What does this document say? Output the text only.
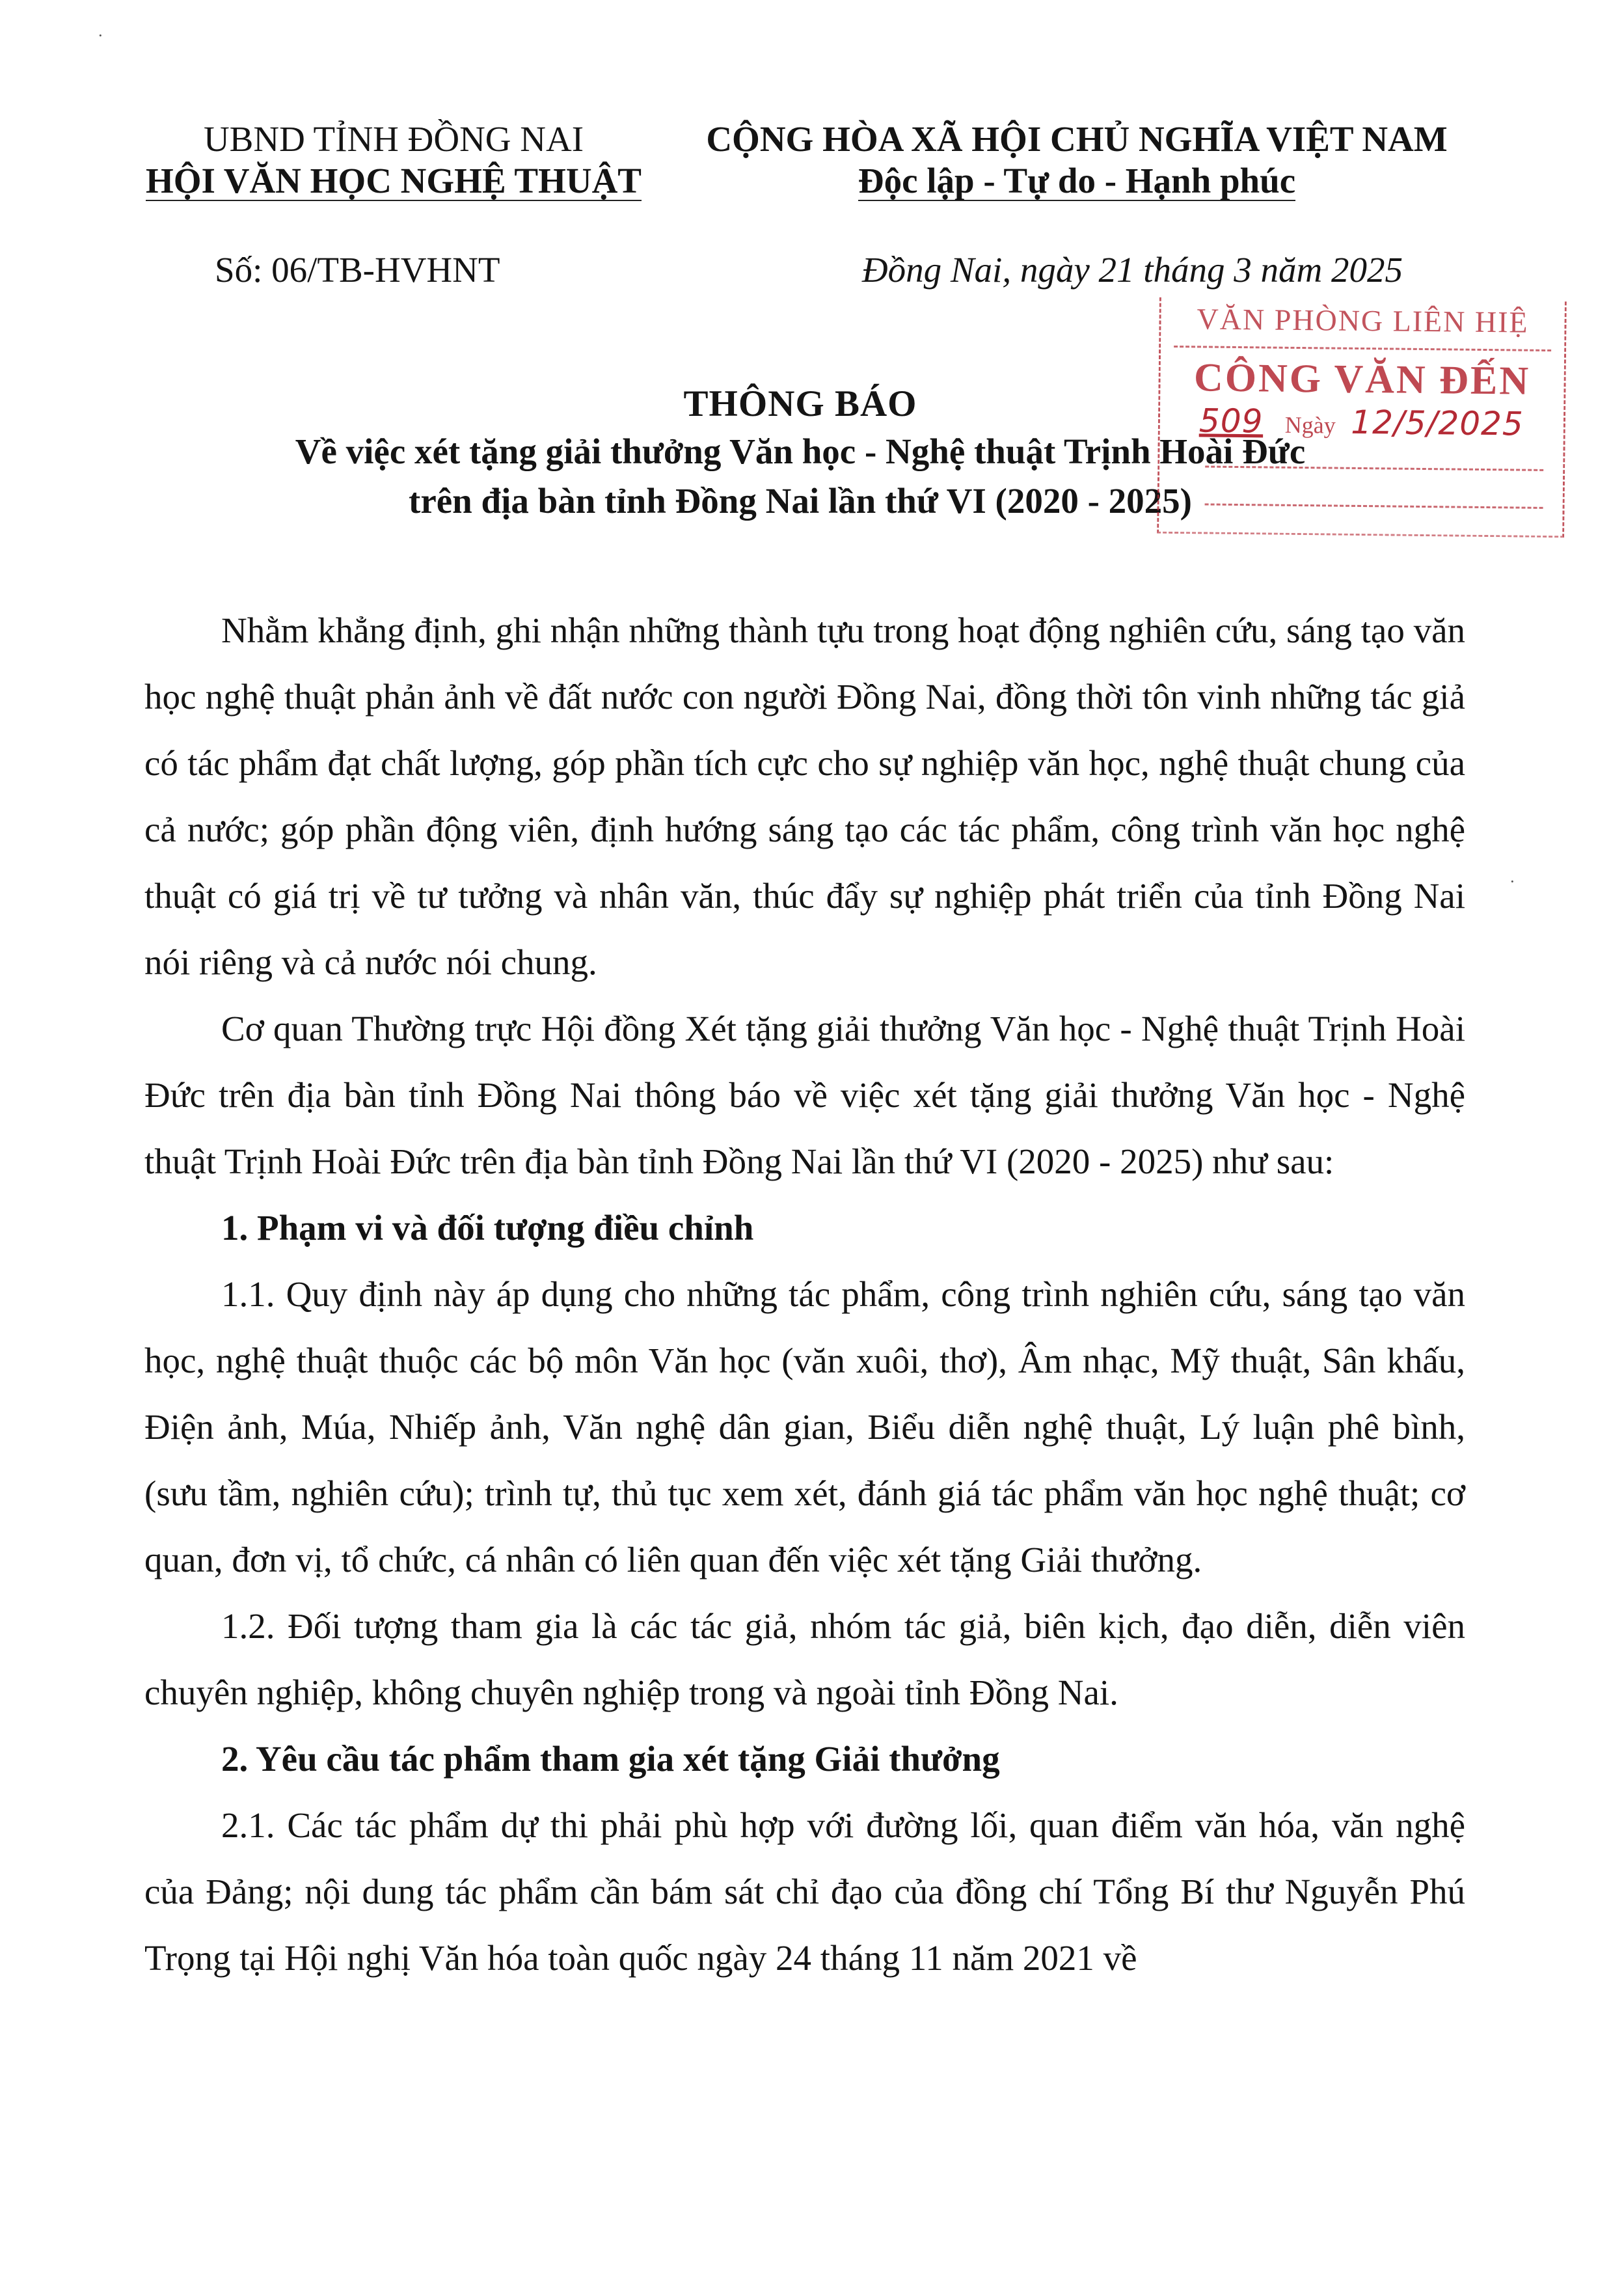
UBND TỈNH ĐỒNG NAI
HỘI VĂN HỌC NGHỆ THUẬT
CỘNG HÒA XÃ HỘI CHỦ NGHĨA VIỆT NAM
Độc lập - Tự do - Hạnh phúc
Số: 06/TB-HVHNT	Đồng Nai, ngày 21 tháng 3 năm 2025
THÔNG BÁO
Về việc xét tặng giải thưởng Văn học - Nghệ thuật Trịnh Hoài Đức
trên địa bàn tỉnh Đồng Nai lần thứ VI (2020 - 2025)
VĂN PHÒNG LIÊN HIỆ
CÔNG VĂN ĐẾN
509 Ngày 12/5/2025

Nhằm khẳng định, ghi nhận những thành tựu trong hoạt động nghiên cứu, sáng tạo văn học nghệ thuật phản ảnh về đất nước con người Đồng Nai, đồng thời tôn vinh những tác giả có tác phẩm đạt chất lượng, góp phần tích cực cho sự nghiệp văn học, nghệ thuật chung của cả nước; góp phần động viên, định hướng sáng tạo các tác phẩm, công trình văn học nghệ thuật có giá trị về tư tưởng và nhân văn, thúc đẩy sự nghiệp phát triển của tỉnh Đồng Nai nói riêng và cả nước nói chung.

Cơ quan Thường trực Hội đồng Xét tặng giải thưởng Văn học - Nghệ thuật Trịnh Hoài Đức trên địa bàn tỉnh Đồng Nai thông báo về việc xét tặng giải thưởng Văn học - Nghệ thuật Trịnh Hoài Đức trên địa bàn tỉnh Đồng Nai lần thứ VI (2020 - 2025) như sau:

1. Phạm vi và đối tượng điều chỉnh

1.1. Quy định này áp dụng cho những tác phẩm, công trình nghiên cứu, sáng tạo văn học, nghệ thuật thuộc các bộ môn Văn học (văn xuôi, thơ), Âm nhạc, Mỹ thuật, Sân khấu, Điện ảnh, Múa, Nhiếp ảnh, Văn nghệ dân gian, Biểu diễn nghệ thuật, Lý luận phê bình, (sưu tầm, nghiên cứu); trình tự, thủ tục xem xét, đánh giá tác phẩm văn học nghệ thuật; cơ quan, đơn vị, tổ chức, cá nhân có liên quan đến việc xét tặng Giải thưởng.

1.2. Đối tượng tham gia là các tác giả, nhóm tác giả, biên kịch, đạo diễn, diễn viên chuyên nghiệp, không chuyên nghiệp trong và ngoài tỉnh Đồng Nai.

2. Yêu cầu tác phẩm tham gia xét tặng Giải thưởng

2.1. Các tác phẩm dự thi phải phù hợp với đường lối, quan điểm văn hóa, văn nghệ của Đảng; nội dung tác phẩm cần bám sát chỉ đạo của đồng chí Tổng Bí thư Nguyễn Phú Trọng tại Hội nghị Văn hóa toàn quốc ngày 24 tháng 11 năm 2021 về

·
·
